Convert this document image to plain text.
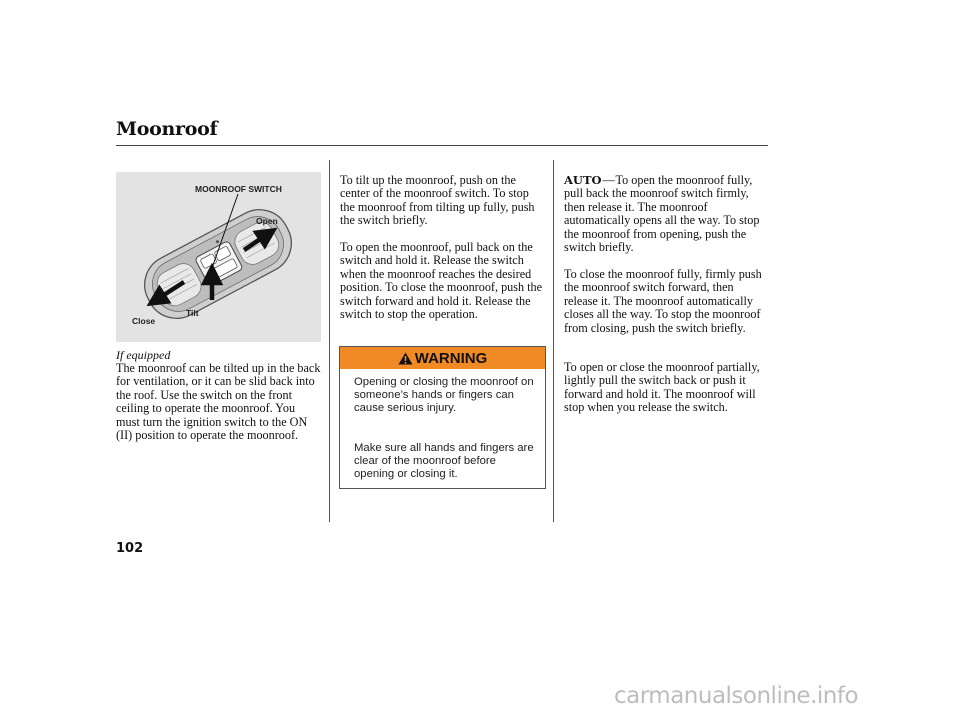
Moonroof
MOONROOF SWITCH
Open
Tilt
Close
If equipped

The moonroof can be tilted up in the back for ventilation, or it can be slid back into the roof. Use the switch on the front ceiling to operate the moonroof. You must turn the ignition switch to the ON (II) position to operate the moonroof.

To tilt up the moonroof, push on the center of the moonroof switch. To stop the moonroof from tilting up fully, push the switch briefly.

To open the moonroof, pull back on the switch and hold it. Release the switch when the moonroof reaches the desired position. To close the moonroof, push the switch forward and hold it. Release the switch to stop the operation.

WARNING

Opening or closing the moonroof on someone’s hands or fingers can cause serious injury.

Make sure all hands and fingers are clear of the moonroof before opening or closing it.

AUTO—To open the moonroof fully, pull back the moonroof switch firmly, then release it. The moonroof automatically opens all the way. To stop the moonroof from opening, push the switch briefly.

To close the moonroof fully, firmly push the moonroof switch forward, then release it. The moonroof automatically closes all the way. To stop the moonroof from closing, push the switch briefly.

To open or close the moonroof partially, lightly pull the switch back or push it forward and hold it. The moonroof will stop when you release the switch.

102
carmanualsonline.info
